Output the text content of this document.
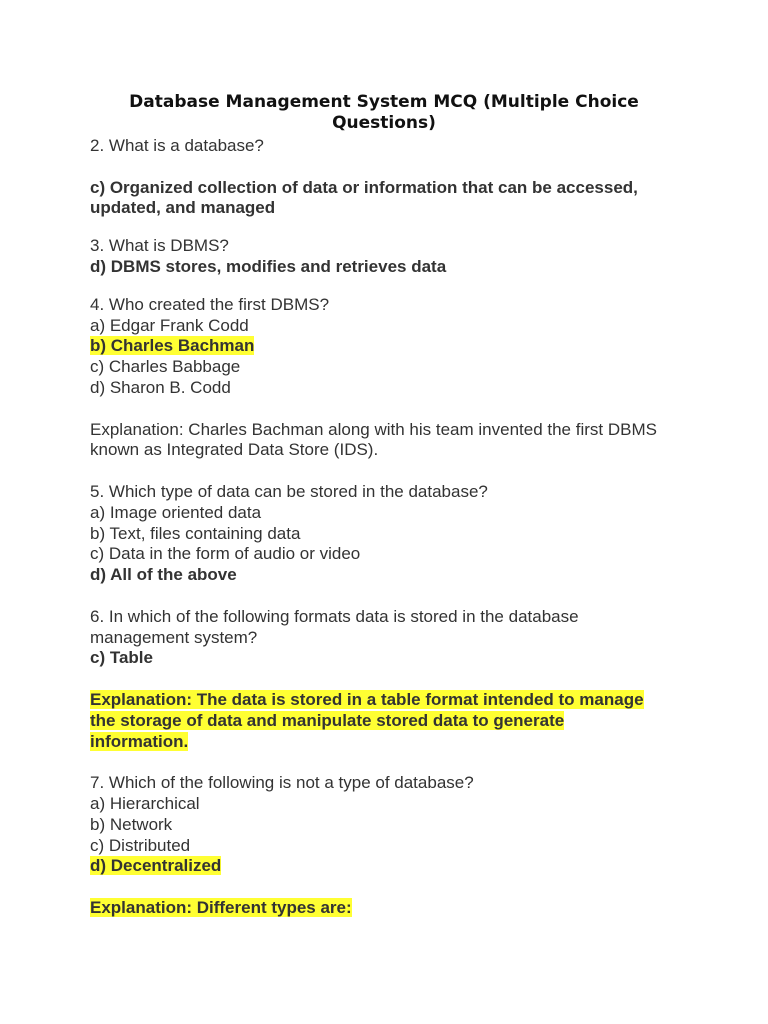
Database Management System MCQ (Multiple Choice Questions)
2. What is a database?
c) Organized collection of data or information that can be accessed,
updated, and managed
3. What is DBMS?
d) DBMS stores, modifies and retrieves data
4. Who created the first DBMS?
a) Edgar Frank Codd
b) Charles Bachman
c) Charles Babbage
d) Sharon B. Codd
Explanation: Charles Bachman along with his team invented the first DBMS
known as Integrated Data Store (IDS).
5. Which type of data can be stored in the database?
a) Image oriented data
b) Text, files containing data
c) Data in the form of audio or video
d) All of the above
6. In which of the following formats data is stored in the database
management system?
c) Table
Explanation: The data is stored in a table format intended to manage
the storage of data and manipulate stored data to generate
information.
7. Which of the following is not a type of database?
a) Hierarchical
b) Network
c) Distributed
d) Decentralized
Explanation: Different types are:
